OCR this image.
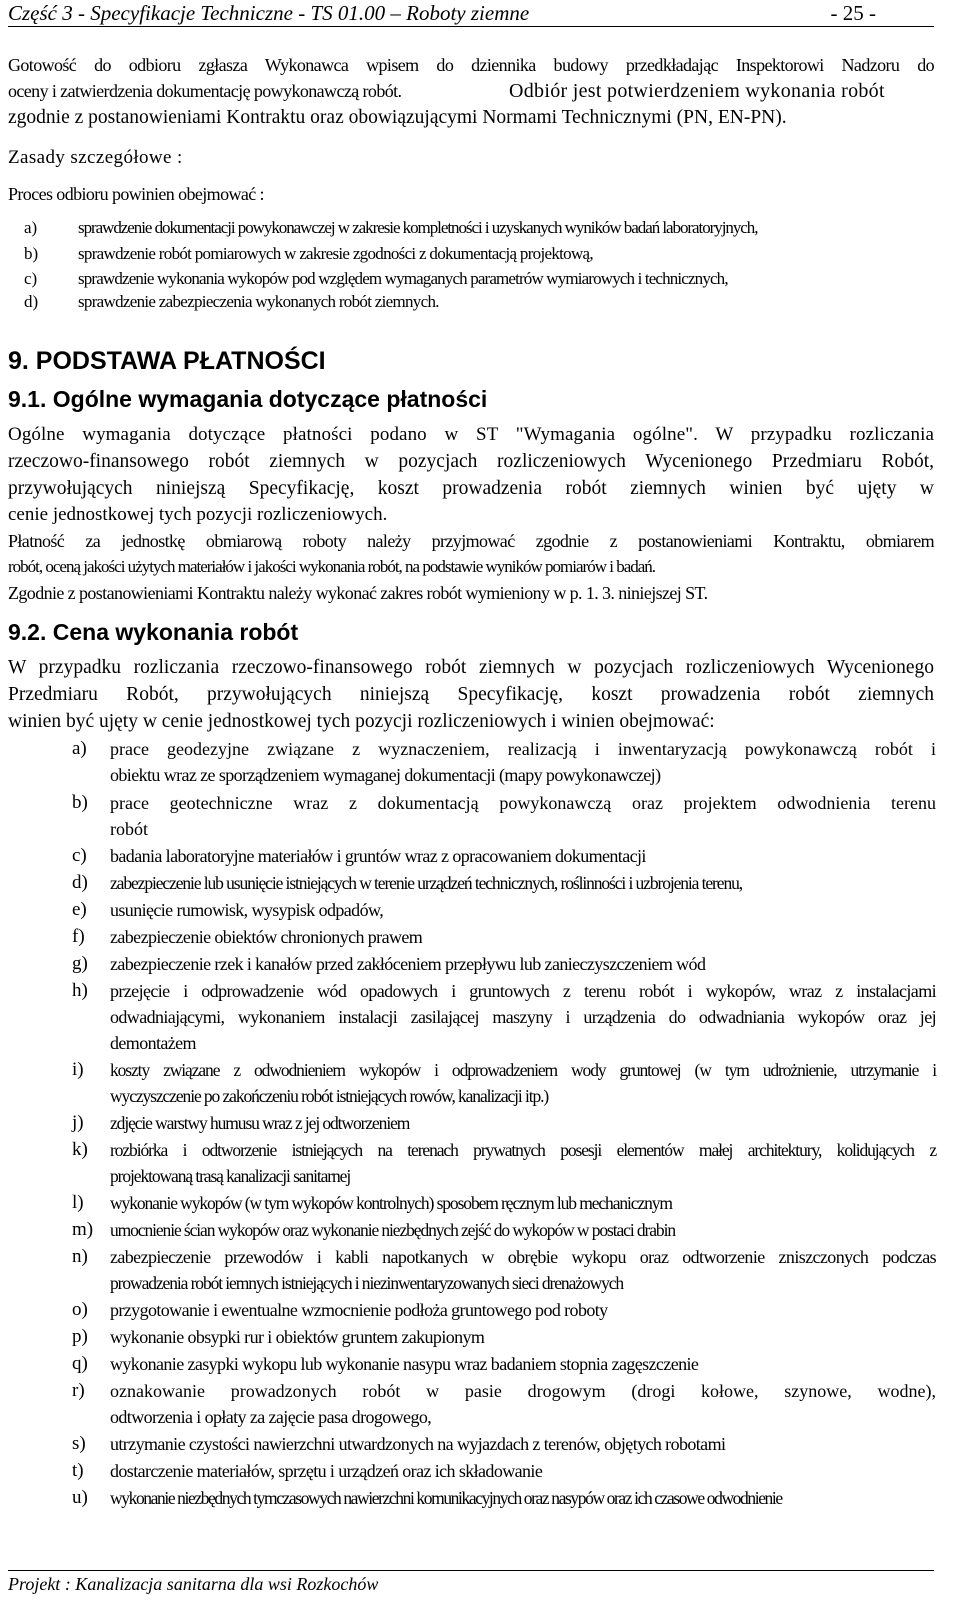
Część 3 - Specyfikacje Techniczne - TS 01.00 – Roboty ziemne	- 25 -
Gotowość do odbioru zgłasza Wykonawca wpisem do dziennika budowy przedkładając Inspektorowi Nadzoru do
oceny i zatwierdzenia dokumentację powykonawczą robót.	Odbiór jest potwierdzeniem wykonania robót
zgodnie z postanowieniami Kontraktu oraz obowiązującymi Normami Technicznymi (PN, EN-PN).
Zasady szczegółowe :
Proces odbioru powinien obejmować :
a) sprawdzenie dokumentacji powykonawczej w zakresie kompletności i uzyskanych wyników badań laboratoryjnych,
b) sprawdzenie robót pomiarowych w zakresie zgodności z dokumentacją projektową,
c) sprawdzenie wykonania wykopów pod względem wymaganych parametrów wymiarowych i technicznych,
d) sprawdzenie zabezpieczenia wykonanych robót ziemnych.
9. PODSTAWA PŁATNOŚCI
9.1. Ogólne wymagania dotyczące płatności
Ogólne wymagania dotyczące płatności podano w ST "Wymagania ogólne". W przypadku rozliczania
rzeczowo-finansowego robót ziemnych w pozycjach rozliczeniowych Wycenionego Przedmiaru Robót,
przywołujących niniejszą Specyfikację, koszt prowadzenia robót ziemnych winien być ujęty w
cenie jednostkowej tych pozycji rozliczeniowych.
Płatność za jednostkę obmiarową roboty należy przyjmować zgodnie z postanowieniami Kontraktu, obmiarem
robót, oceną jakości użytych materiałów i jakości wykonania robót, na podstawie wyników pomiarów i badań.
Zgodnie z postanowieniami Kontraktu należy wykonać zakres robót wymieniony w p. 1. 3. niniejszej ST.
9.2. Cena wykonania robót
W przypadku rozliczania rzeczowo-finansowego robót ziemnych w pozycjach rozliczeniowych Wycenionego
Przedmiaru Robót, przywołujących niniejszą Specyfikację, koszt prowadzenia robót ziemnych
winien być ujęty w cenie jednostkowej tych pozycji rozliczeniowych i winien obejmować:
a) prace geodezyjne związane z wyznaczeniem, realizacją i inwentaryzacją powykonawczą robót i
obiektu wraz ze sporządzeniem wymaganej dokumentacji (mapy powykonawczej)
b) prace geotechniczne wraz z dokumentacją powykonawczą oraz projektem odwodnienia terenu
robót
c) badania laboratoryjne materiałów i gruntów wraz z opracowaniem dokumentacji
d) zabezpieczenie lub usunięcie istniejących w terenie urządzeń technicznych, roślinności i uzbrojenia terenu,
e) usunięcie rumowisk, wysypisk odpadów,
f) zabezpieczenie obiektów chronionych prawem
g) zabezpieczenie rzek i kanałów przed zakłóceniem przepływu lub zanieczyszczeniem wód
h) przejęcie i odprowadzenie wód opadowych i gruntowych z terenu robót i wykopów, wraz z instalacjami
odwadniającymi, wykonaniem instalacji zasilającej maszyny i urządzenia do odwadniania wykopów oraz jej
demontażem
i) koszty związane z odwodnieniem wykopów i odprowadzeniem wody gruntowej (w tym udrożnienie, utrzymanie i
wyczyszczenie po zakończeniu robót istniejących rowów, kanalizacji itp.)
j) zdjęcie warstwy humusu wraz z jej odtworzeniem
k) rozbiórka i odtworzenie istniejących na terenach prywatnych posesji elementów małej architektury, kolidujących z
projektowaną trasą kanalizacji sanitarnej
l) wykonanie wykopów (w tym wykopów kontrolnych) sposobem ręcznym lub mechanicznym
m) umocnienie ścian wykopów oraz wykonanie niezbędnych zejść do wykopów w postaci drabin
n) zabezpieczenie przewodów i kabli napotkanych w obrębie wykopu oraz odtworzenie zniszczonych podczas
prowadzenia robót iemnych istniejących i niezinwentaryzowanych sieci drenażowych
o) przygotowanie i ewentualne wzmocnienie podłoża gruntowego pod roboty
p) wykonanie obsypki rur i obiektów gruntem zakupionym
q) wykonanie zasypki wykopu lub wykonanie nasypu wraz badaniem stopnia zagęszczenie
r) oznakowanie prowadzonych robót w pasie drogowym (drogi kołowe, szynowe, wodne),
odtworzenia i opłaty za zajęcie pasa drogowego,
s) utrzymanie czystości nawierzchni utwardzonych na wyjazdach z terenów, objętych robotami
t) dostarczenie materiałów, sprzętu i urządzeń oraz ich składowanie
u) wykonanie niezbędnych tymczasowych nawierzchni komunikacyjnych oraz nasypów oraz ich czasowe odwodnienie
Projekt : Kanalizacja sanitarna dla wsi Rozkochów
